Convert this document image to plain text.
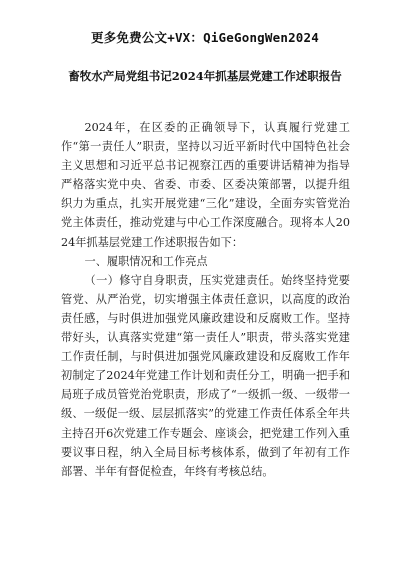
更多免费公文+VX：QiGeGongWen2024
畜牧水产局党组书记2024年抓基层党建工作述职报告

2024年，在区委的正确领导下，认真履行党建工作“第一责任人”职责，坚持以习近平新时代中国特色社会主义思想和习近平总书记视察江西的重要讲话精神为指导严格落实党中央、省委、市委、区委决策部署，以提升组织力为重点，扎实开展党建“三化”建设，全面夯实管党治党主体责任，推动党建与中心工作深度融合。现将本人2024年抓基层党建工作述职报告如下：

一、履职情况和工作亮点

（一）修守自身职责，压实党建责任。始终坚持党要管党、从严治党，切实增强主体责任意识，以高度的政治责任感，与时俱进加强党风廉政建设和反腐败工作。坚持带好头，认真落实党建“第一责任人”职责，带头落实党建工作责任制，与时俱进加强党风廉政建设和反腐败工作年初制定了2024年党建工作计划和责任分工，明确一把手和局班子成员管党治党职责，形成了“一级抓一级、一级带一级、一级促一级、层层抓落实”的党建工作责任体系全年共主持召开6次党建工作专题会、座谈会，把党建工作列入重要议事日程，纳入全局目标考核体系，做到了年初有工作部署、半年有督促检查，年终有考核总结。
